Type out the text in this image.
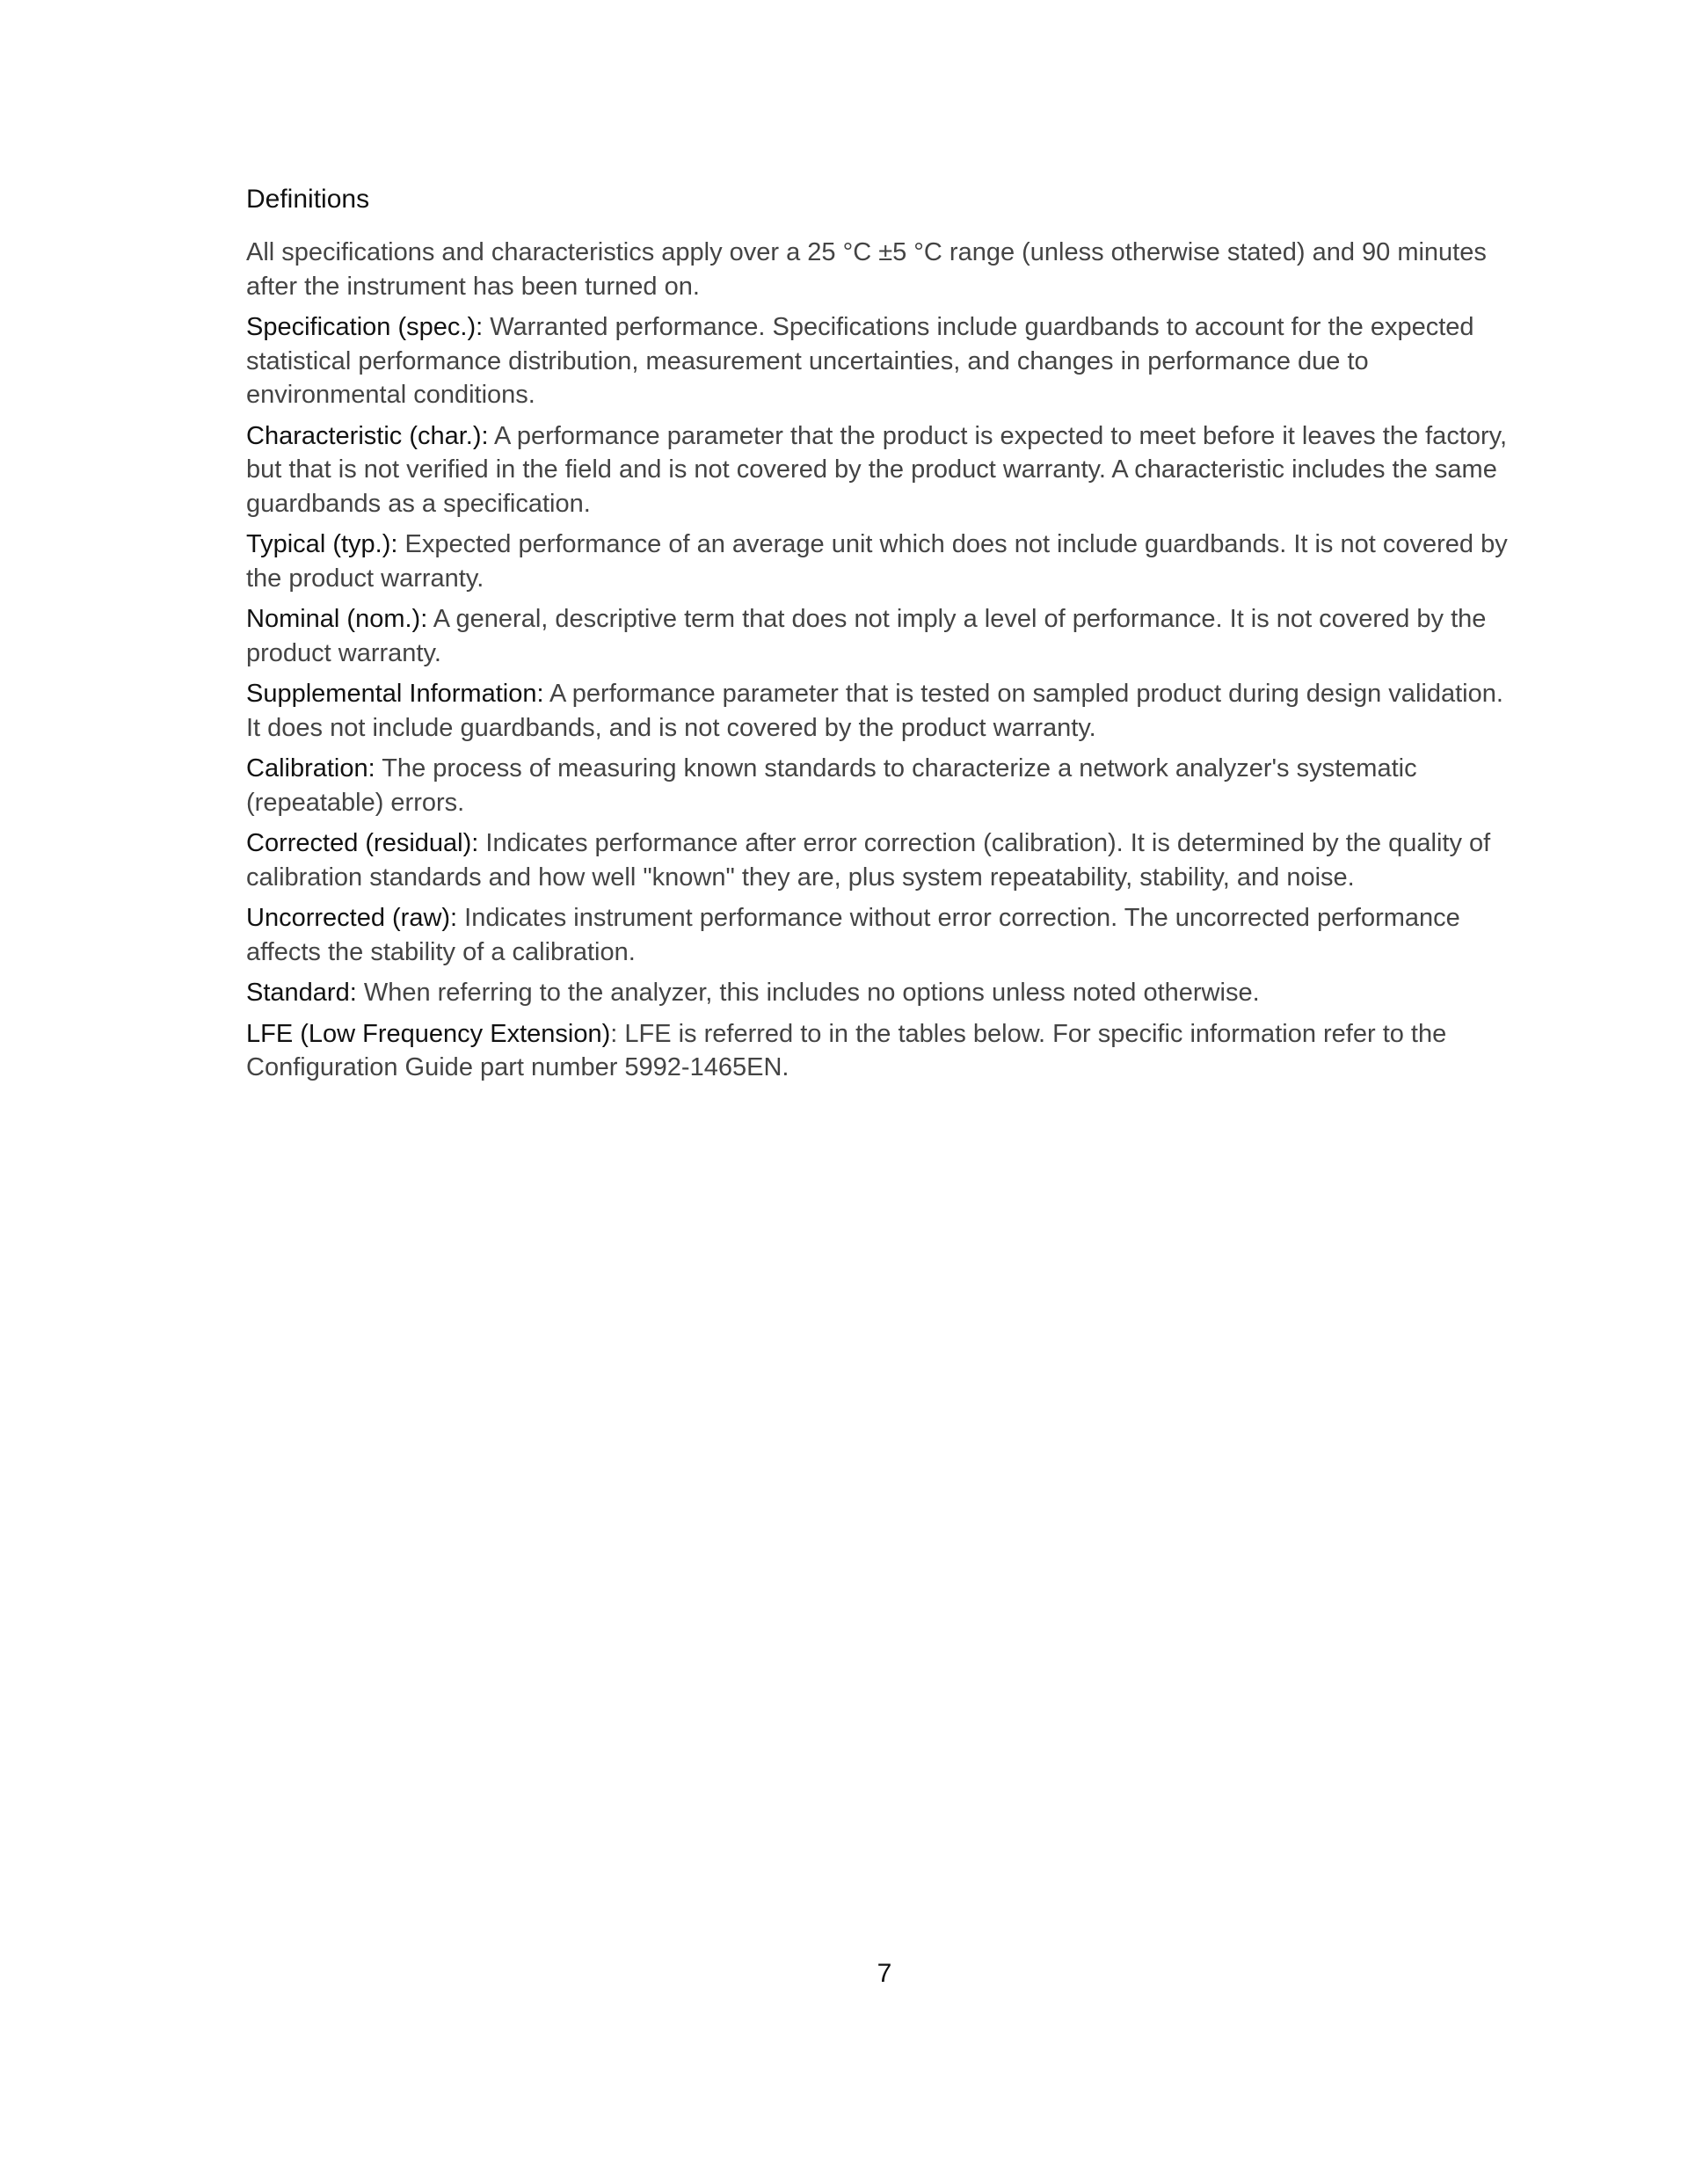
Definitions

All specifications and characteristics apply over a 25 °C ±5 °C range (unless otherwise stated) and 90 minutes after the instrument has been turned on.

Specification (spec.): Warranted performance. Specifications include guardbands to account for the expected statistical performance distribution, measurement uncertainties, and changes in performance due to environmental conditions.

Characteristic (char.): A performance parameter that the product is expected to meet before it leaves the factory, but that is not verified in the field and is not covered by the product warranty. A characteristic includes the same guardbands as a specification.

Typical (typ.): Expected performance of an average unit which does not include guardbands. It is not covered by the product warranty.

Nominal (nom.): A general, descriptive term that does not imply a level of performance. It is not covered by the product warranty.

Supplemental Information: A performance parameter that is tested on sampled product during design validation. It does not include guardbands, and is not covered by the product warranty.

Calibration: The process of measuring known standards to characterize a network analyzer's systematic (repeatable) errors.

Corrected (residual): Indicates performance after error correction (calibration). It is determined by the quality of calibration standards and how well "known" they are, plus system repeatability, stability, and noise.

Uncorrected (raw): Indicates instrument performance without error correction. The uncorrected performance affects the stability of a calibration.

Standard: When referring to the analyzer, this includes no options unless noted otherwise.

LFE (Low Frequency Extension): LFE is referred to in the tables below. For specific information refer to the Configuration Guide part number 5992-1465EN.

7
